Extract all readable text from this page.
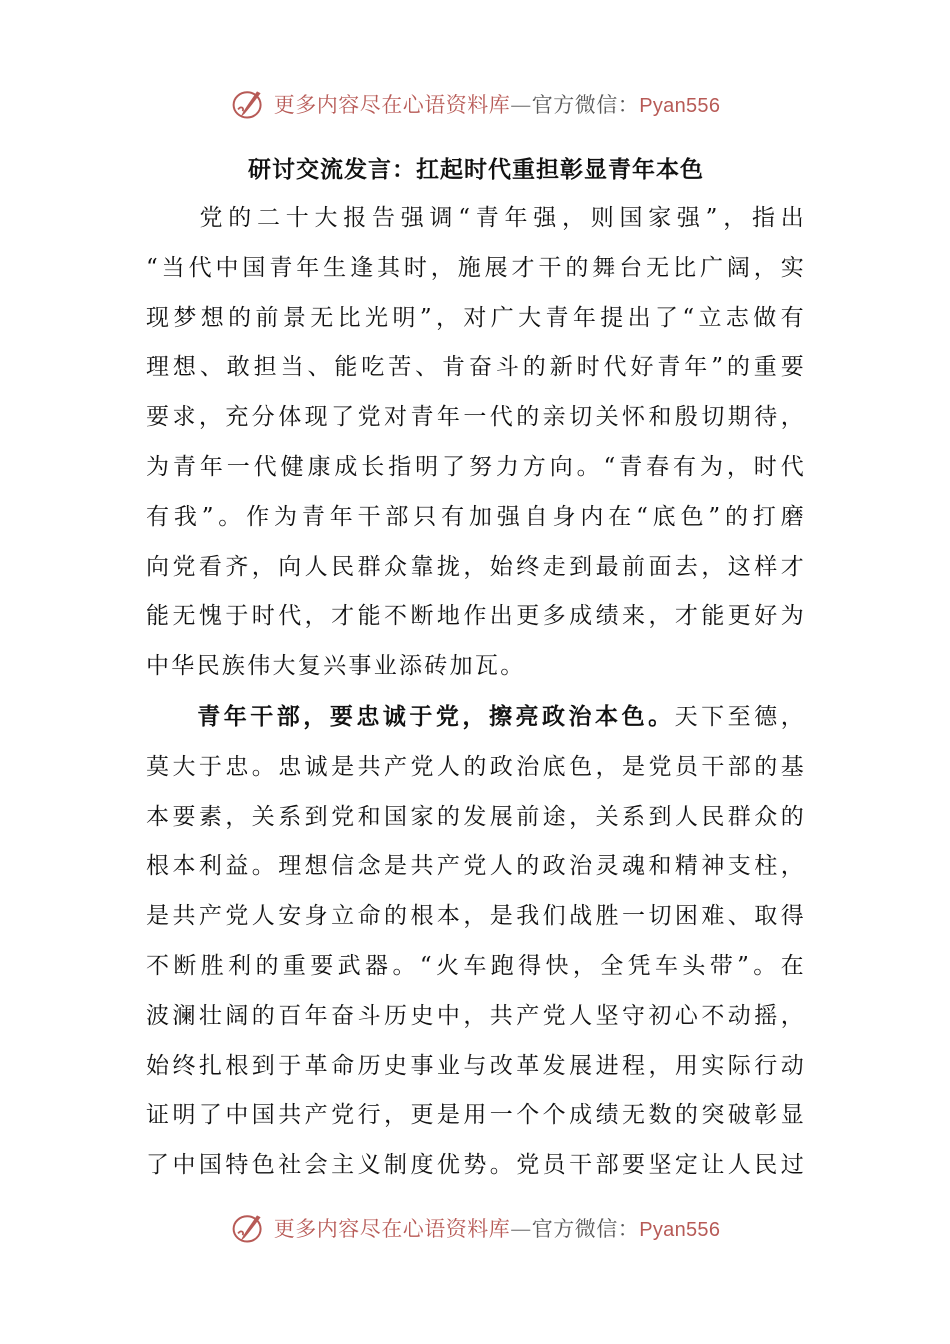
更多内容尽在心语资料库—官方微信：Pyan556
研讨交流发言：扛起时代重担彰显青年本色

党的二十大报告强调“青年强，则国家强”，指出
“当代中国青年生逢其时，施展才干的舞台无比广阔，实
现梦想的前景无比光明”，对广大青年提出了“立志做有
理想、敢担当、能吃苦、肯奋斗的新时代好青年”的重要
要求，充分体现了党对青年一代的亲切关怀和殷切期待，
为青年一代健康成长指明了努力方向。“青春有为，时代
有我”。作为青年干部只有加强自身内在“底色”的打磨
向党看齐，向人民群众靠拢，始终走到最前面去，这样才
能无愧于时代，才能不断地作出更多成绩来，才能更好为
中华民族伟大复兴事业添砖加瓦。

青年干部，要忠诚于党，擦亮政治本色。天下至德，
莫大于忠。忠诚是共产党人的政治底色，是党员干部的基
本要素，关系到党和国家的发展前途，关系到人民群众的
根本利益。理想信念是共产党人的政治灵魂和精神支柱，
是共产党人安身立命的根本，是我们战胜一切困难、取得
不断胜利的重要武器。“火车跑得快，全凭车头带”。在
波澜壮阔的百年奋斗历史中，共产党人坚守初心不动摇，
始终扎根到于革命历史事业与改革发展进程，用实际行动
证明了中国共产党行，更是用一个个成绩无数的突破彰显
了中国特色社会主义制度优势。党员干部要坚定让人民过

更多内容尽在心语资料库—官方微信：Pyan556
